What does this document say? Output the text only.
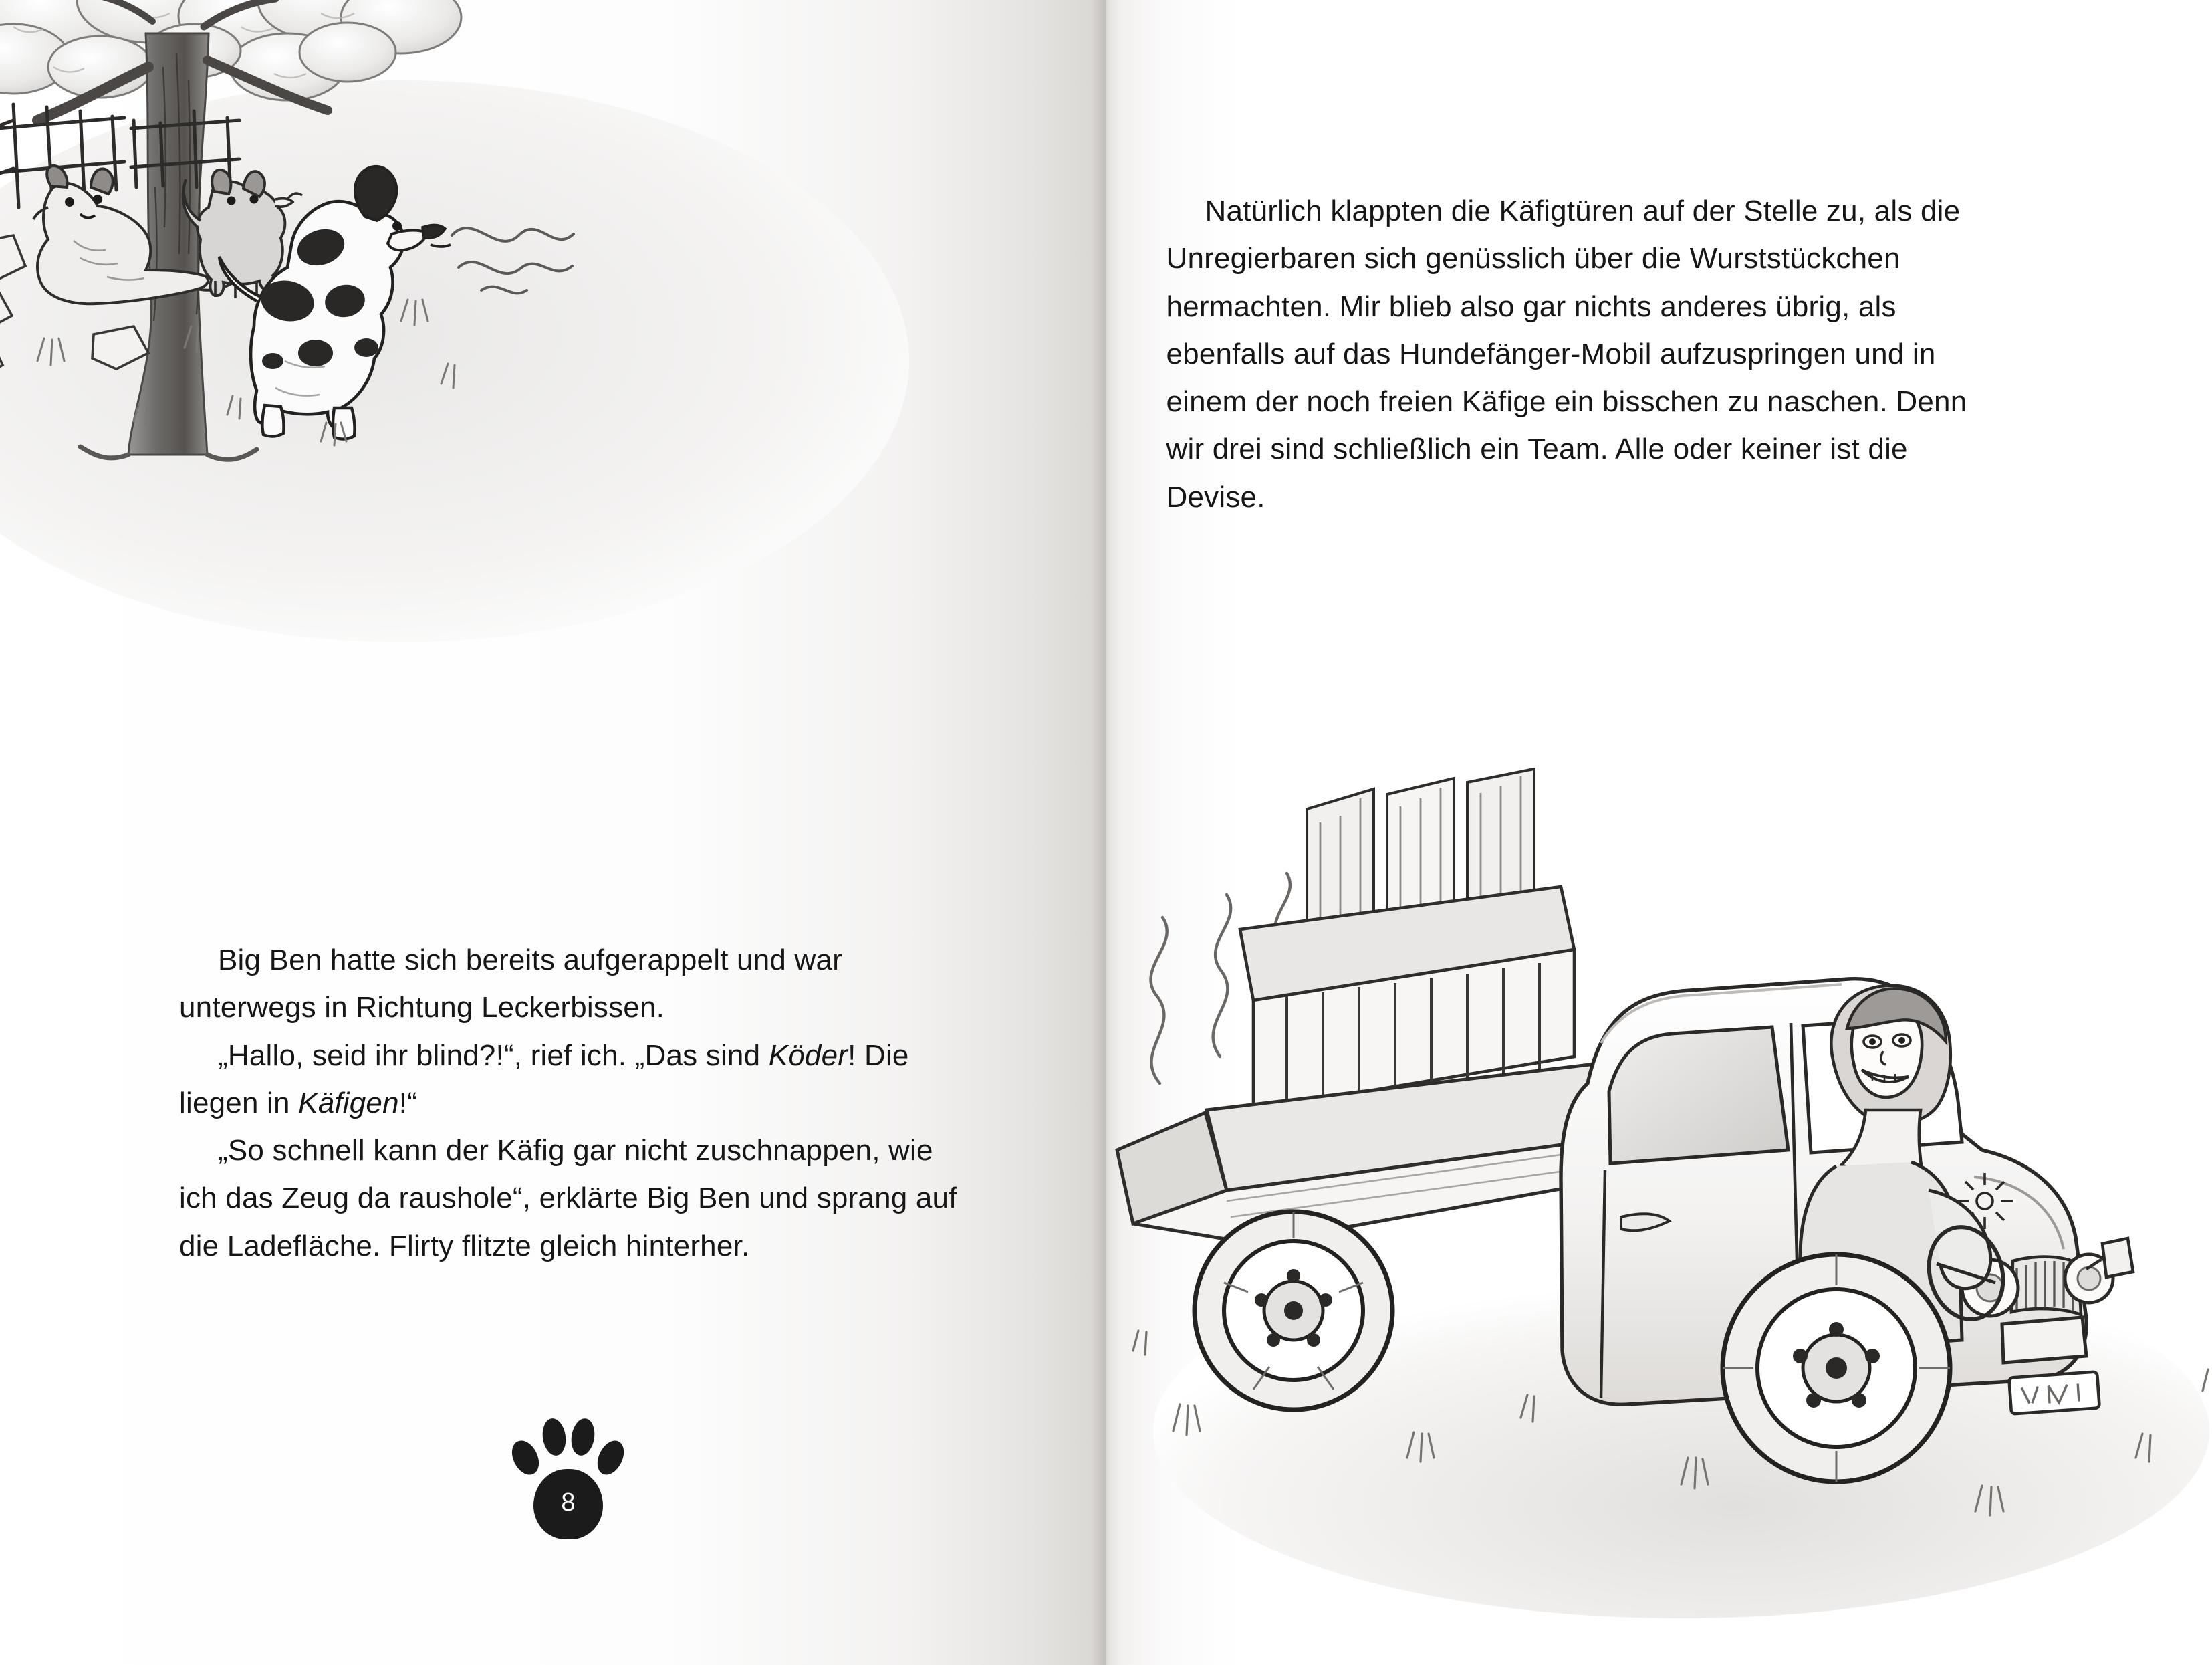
Big Ben hatte sich bereits aufgerappelt und war unterwegs in Richtung Leckerbissen.

„Hallo, seid ihr blind?!“, rief ich. „Das sind Köder! Die liegen in Käfigen!“

„So schnell kann der Käfig gar nicht zuschnappen, wie ich das Zeug da raushole“, erklärte Big Ben und sprang auf die Ladefläche. Flirty flitzte gleich hinterher.

8

Natürlich klappten die Käfigtüren auf der Stelle zu, als die Unregierbaren sich genüsslich über die Wurststückchen hermachten. Mir blieb also gar nichts anderes übrig, als ebenfalls auf das Hundefänger-Mobil aufzuspringen und in einem der noch freien Käfige ein bisschen zu naschen. Denn wir drei sind schließlich ein Team. Alle oder keiner ist die Devise.
